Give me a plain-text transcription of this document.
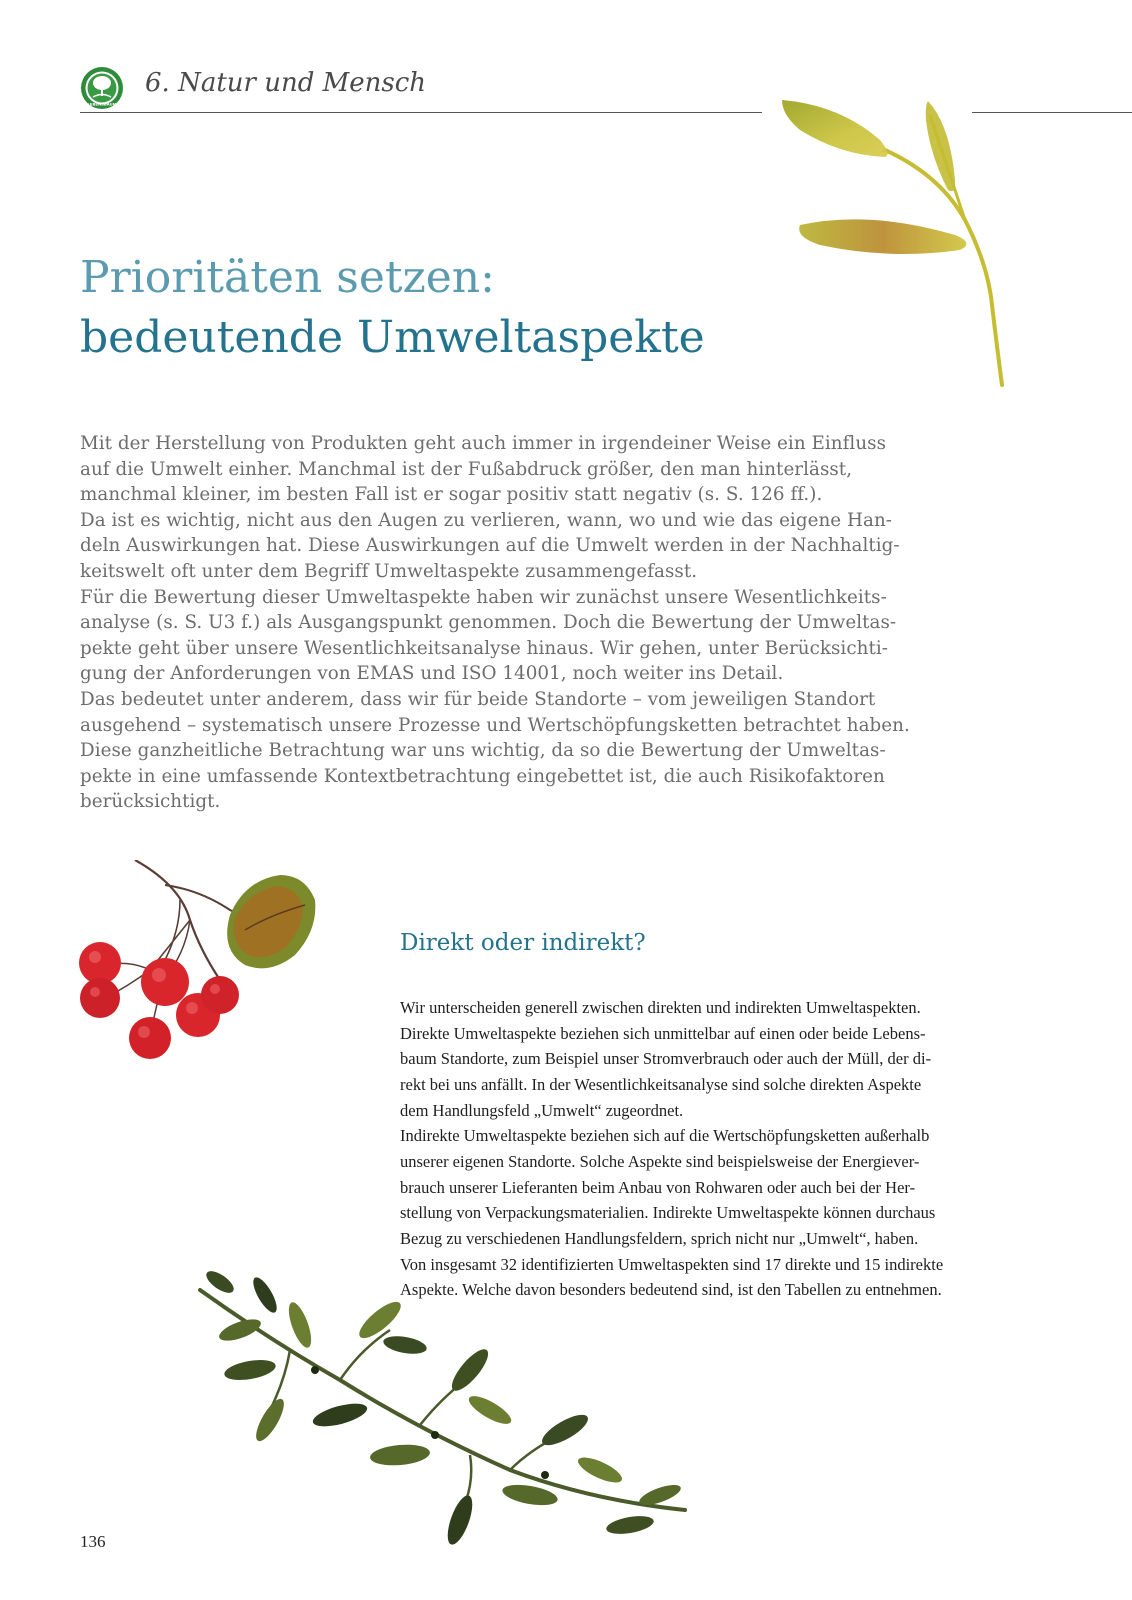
LEBENSBAUM
6. Natur und Mensch
Prioritäten setzen:
bedeutende Umweltaspekte

Mit der Herstellung von Produkten geht auch immer in irgendeiner Weise ein Einfluss

auf die Umwelt einher. Manchmal ist der Fußabdruck größer, den man hinterlässt,

manchmal kleiner, im besten Fall ist er sogar positiv statt negativ (s. S. 126 ff.).

Da ist es wichtig, nicht aus den Augen zu verlieren, wann, wo und wie das eigene Han-

deln Auswirkungen hat. Diese Auswirkungen auf die Umwelt werden in der Nachhaltig-

keitswelt oft unter dem Begriff Umweltaspekte zusammengefasst.

Für die Bewertung dieser Umweltaspekte haben wir zunächst unsere Wesentlichkeits-

analyse (s. S. U3 f.) als Ausgangspunkt genommen. Doch die Bewertung der Umweltas-

pekte geht über unsere Wesentlichkeitsanalyse hinaus. Wir gehen, unter Berücksichti-

gung der Anforderungen von EMAS und ISO 14001, noch weiter ins Detail.

Das bedeutet unter anderem, dass wir für beide Standorte – vom jeweiligen Standort

ausgehend – systematisch unsere Prozesse und Wertschöpfungsketten betrachtet haben.

Diese ganzheitliche Betrachtung war uns wichtig, da so die Bewertung der Umweltas-

pekte in eine umfassende Kontextbetrachtung eingebettet ist, die auch Risikofaktoren

berücksichtigt.

Direkt oder indirekt?

Wir unterscheiden generell zwischen direkten und indirekten Umweltaspekten.

Direkte Umweltaspekte beziehen sich unmittelbar auf einen oder beide Lebens-

baum Standorte, zum Beispiel unser Stromverbrauch oder auch der Müll, der di-

rekt bei uns anfällt. In der Wesentlichkeitsanalyse sind solche direkten Aspekte

dem Handlungsfeld „Umwelt“ zugeordnet.

Indirekte Umweltaspekte beziehen sich auf die Wertschöpfungsketten außerhalb

unserer eigenen Standorte. Solche Aspekte sind beispielsweise der Energiever-

brauch unserer Lieferanten beim Anbau von Rohwaren oder auch bei der Her-

stellung von Verpackungsmaterialien. Indirekte Umweltaspekte können durchaus

Bezug zu verschiedenen Handlungsfeldern, sprich nicht nur „Umwelt“, haben.

Von insgesamt 32 identifizierten Umweltaspekten sind 17 direkte und 15 indirekte

Aspekte. Welche davon besonders bedeutend sind, ist den Tabellen zu entnehmen.

136
